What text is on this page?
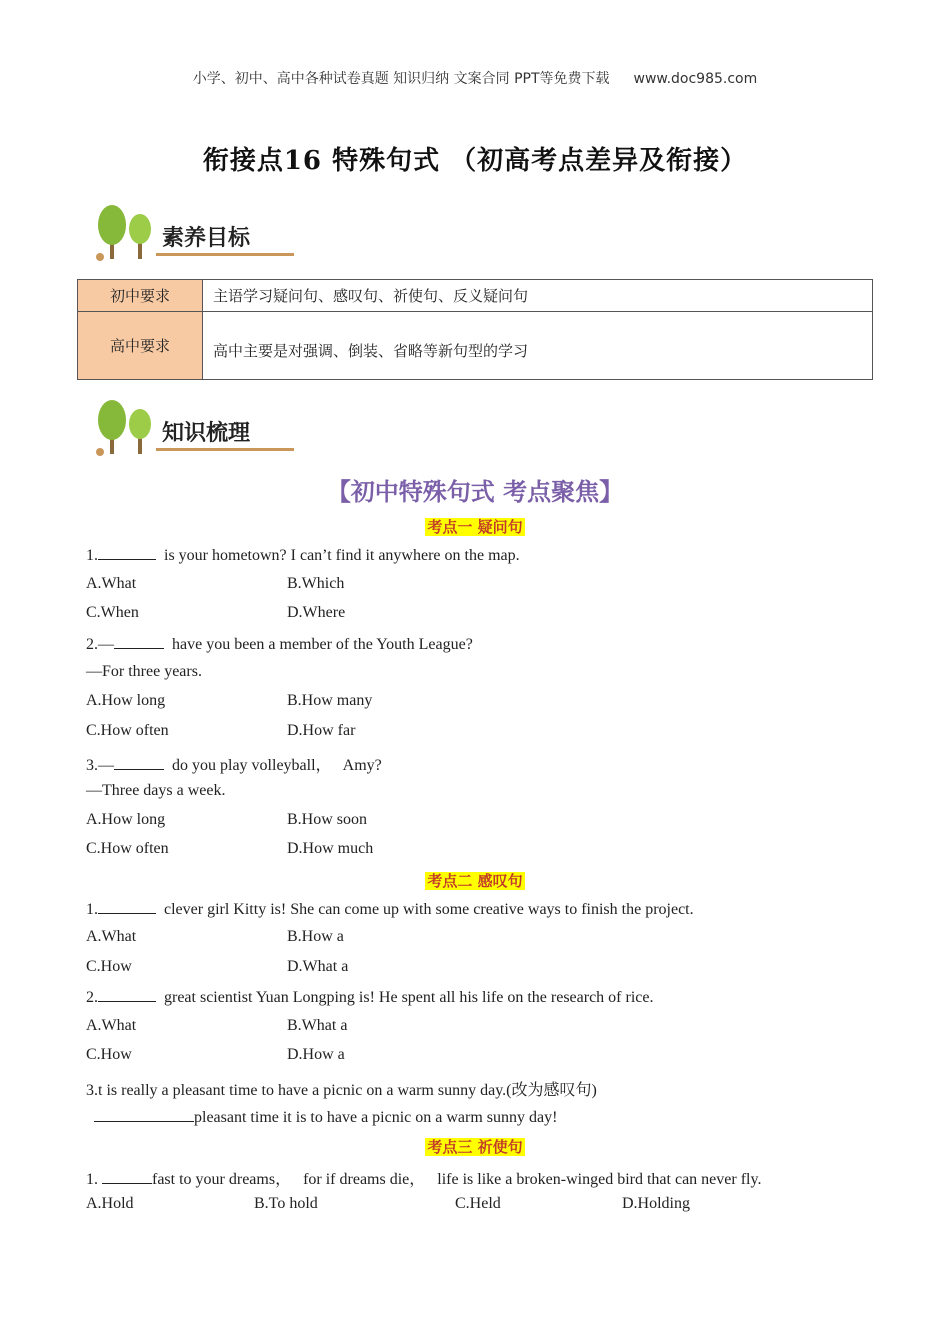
小学、初中、高中各种试卷真题 知识归纳 文案合同 PPT等免费下载 www.doc985.com
衔接点16 特殊句式 （初高考点差异及衔接）
素养目标
初中要求	主语学习疑问句、感叹句、祈使句、反义疑问句
高中要求	高中主要是对强调、倒装、省略等新句型的学习
知识梳理
【初中特殊句式 考点聚焦】
考点一 疑问句
1.	is your hometown? I can’t find it anywhere on the map.
A.What	B.Which
C.When	D.Where
2.—	have you been a member of the Youth League?
—For three years.
A.How long	B.How many
C.How often	D.How far
3.—	do you play volleyball，   Amy?
—Three days a week.
A.How long	B.How soon
C.How often	D.How much
考点二 感叹句
1.	clever girl Kitty is! She can come up with some creative ways to finish the project.
A.What	B.How a
C.How	D.What a
2.	great scientist Yuan Longping is! He spent all his life on the research of rice.
A.What	B.What a
C.How	D.How a
3.t is really a pleasant time to have a picnic on a warm sunny day.(改为感叹句)
pleasant time it is to have a picnic on a warm sunny day!
考点三 祈使句
1.	fast to your dreams，   for if dreams die，   life is like a broken-winged bird that can never fly.
A.Hold	B.To hold	C.Held	D.Holding
